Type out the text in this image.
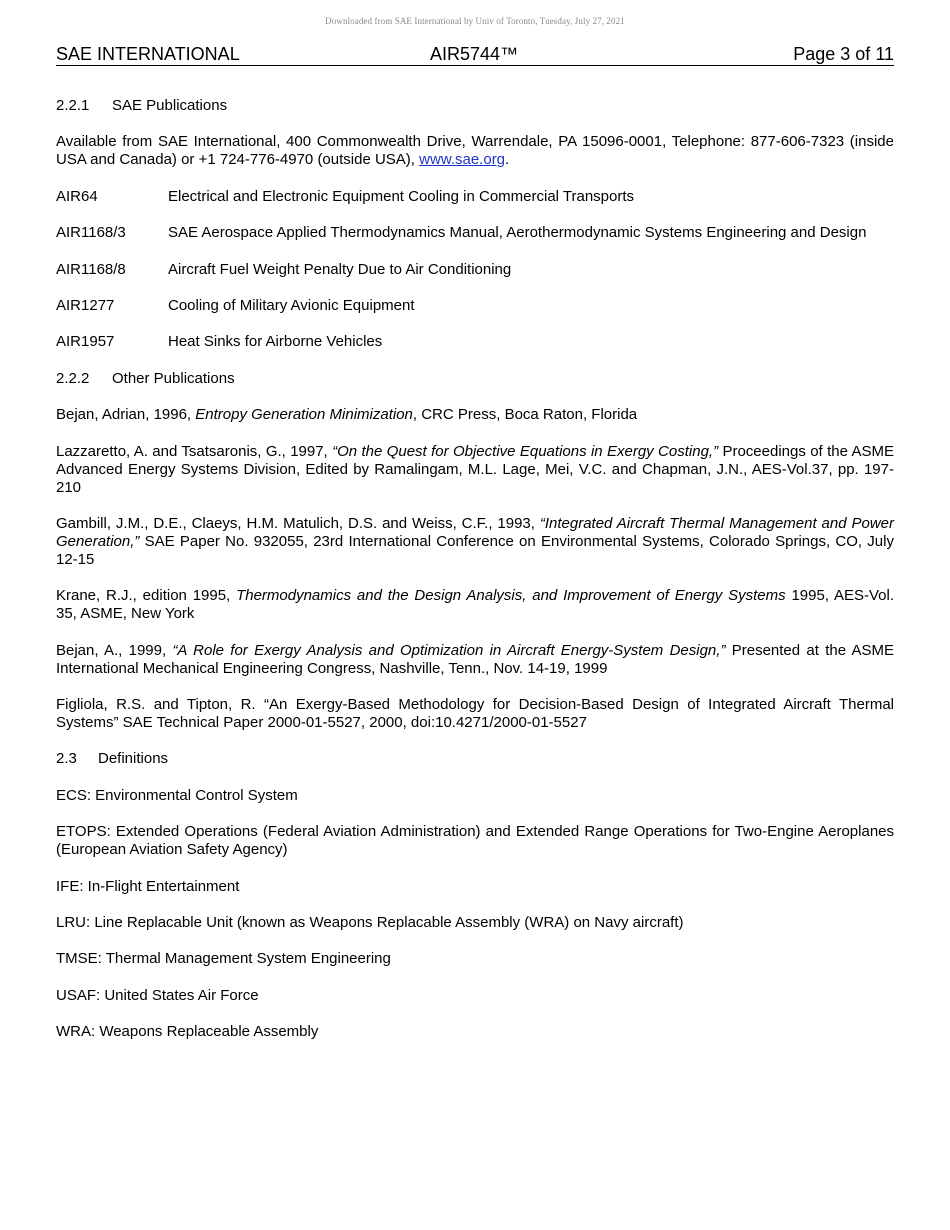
Downloaded from SAE International by Univ of Toronto, Tuesday, July 27, 2021
SAE INTERNATIONAL	AIR5744™	Page 3 of 11

2.2.1 SAE Publications

Available from SAE International, 400 Commonwealth Drive, Warrendale, PA 15096-0001, Telephone: 877-606-7323 (inside USA and Canada) or +1 724-776-4970 (outside USA), www.sae.org.

AIR64	Electrical and Electronic Equipment Cooling in Commercial Transports
AIR1168/3	SAE Aerospace Applied Thermodynamics Manual, Aerothermodynamic Systems Engineering and Design
AIR1168/8	Aircraft Fuel Weight Penalty Due to Air Conditioning
AIR1277	Cooling of Military Avionic Equipment
AIR1957	Heat Sinks for Airborne Vehicles

2.2.2 Other Publications

Bejan, Adrian, 1996, Entropy Generation Minimization, CRC Press, Boca Raton, Florida

Lazzaretto, A. and Tsatsaronis, G., 1997, “On the Quest for Objective Equations in Exergy Costing,” Proceedings of the ASME Advanced Energy Systems Division, Edited by Ramalingam, M.L. Lage, Mei, V.C. and Chapman, J.N., AES-Vol.37, pp. 197-210

Gambill, J.M., D.E., Claeys, H.M. Matulich, D.S. and Weiss, C.F., 1993, “Integrated Aircraft Thermal Management and Power Generation,” SAE Paper No. 932055, 23rd International Conference on Environmental Systems, Colorado Springs, CO, July 12-15

Krane, R.J., edition 1995, Thermodynamics and the Design Analysis, and Improvement of Energy Systems 1995, AES-Vol. 35, ASME, New York

Bejan, A., 1999, “A Role for Exergy Analysis and Optimization in Aircraft Energy-System Design,” Presented at the ASME International Mechanical Engineering Congress, Nashville, Tenn., Nov. 14-19, 1999

Figliola, R.S. and Tipton, R. “An Exergy-Based Methodology for Decision-Based Design of Integrated Aircraft Thermal Systems” SAE Technical Paper 2000-01-5527, 2000, doi:10.4271/2000-01-5527

2.3 Definitions

ECS: Environmental Control System

ETOPS: Extended Operations (Federal Aviation Administration) and Extended Range Operations for Two-Engine Aeroplanes (European Aviation Safety Agency)

IFE: In-Flight Entertainment

LRU: Line Replacable Unit (known as Weapons Replacable Assembly (WRA) on Navy aircraft)

TMSE: Thermal Management System Engineering

USAF: United States Air Force

WRA: Weapons Replaceable Assembly
